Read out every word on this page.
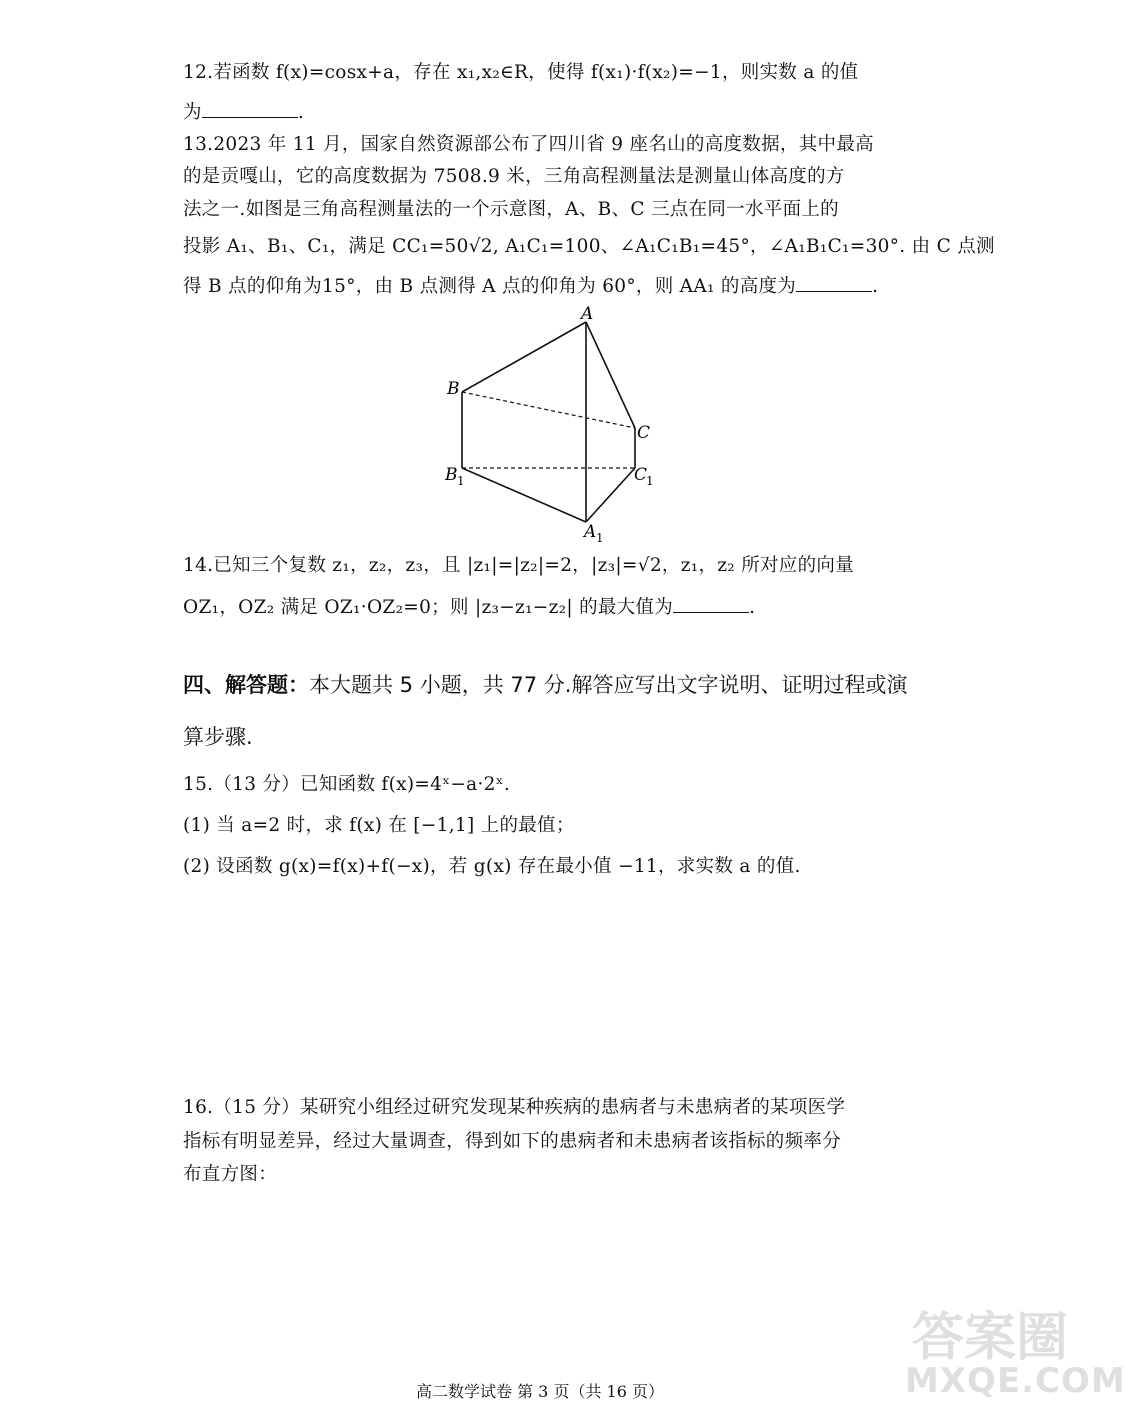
12.若函数 f(x)=cosx+a，存在 x₁,x₂∈R，使得 f(x₁)·f(x₂)=−1，则实数 a 的值
为	.
13.2023 年 11 月，国家自然资源部公布了四川省 9 座名山的高度数据，其中最高
的是贡嘎山，它的高度数据为 7508.9 米，三角高程测量法是测量山体高度的方
法之一.如图是三角高程测量法的一个示意图，A、B、C 三点在同一水平面上的
投影 A₁、B₁、C₁，满足 CC₁=50√2, A₁C₁=100、∠A₁C₁B₁=45°，∠A₁B₁C₁=30°. 由 C 点测
得 B 点的仰角为15°，由 B 点测得 A 点的仰角为 60°，则 AA₁ 的高度为	.
A
B
C
B 1	C
1
A 1
14.已知三个复数 z₁，z₂，z₃，且 |z₁|=|z₂|=2，|z₃|=√2，z₁，z₂ 所对应的向量
OZ₁，OZ₂ 满足 OZ₁·OZ₂=0；则 |z₃−z₁−z₂| 的最大值为	.
四、解答题：本大题共 5 小题，共 77 分.解答应写出文字说明、证明过程或演
算步骤.
15.（13 分）已知函数 f(x)=4ˣ−a·2ˣ.
(1) 当 a=2 时，求 f(x) 在 [−1,1] 上的最值；
(2) 设函数 g(x)=f(x)+f(−x)，若 g(x) 存在最小值 −11，求实数 a 的值.
16.（15 分）某研究小组经过研究发现某种疾病的患病者与未患病者的某项医学
指标有明显差异，经过大量调查，得到如下的患病者和未患病者该指标的频率分
布直方图：
高二数学试卷 第 3 页（共 16 页）
答案圈
MXQE.COM
